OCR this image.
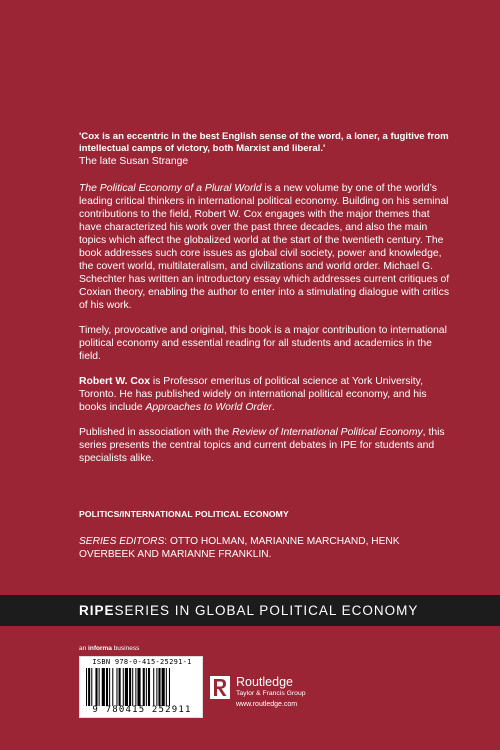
'Cox is an eccentric in the best English sense of the word, a loner, a fugitive from intellectual camps of victory, both Marxist and liberal.'
The late Susan Strange
The Political Economy of a Plural World is a new volume by one of the world’s leading critical thinkers in international political economy. Building on his seminal contributions to the field, Robert W. Cox engages with the major themes that have characterized his work over the past three decades, and also the main topics which affect the globalized world at the start of the twentieth century. The book addresses such core issues as global civil society, power and knowledge, the covert world, multilateralism, and civilizations and world order. Michael G. Schechter has written an introductory essay which addresses current critiques of Coxian theory, enabling the author to enter into a stimulating dialogue with critics of his work.
Timely, provocative and original, this book is a major contribution to international political economy and essential reading for all students and academics in the field.
Robert W. Cox is Professor emeritus of political science at York University, Toronto. He has published widely on international political economy, and his books include Approaches to World Order.
Published in association with the Review of International Political Economy, this series presents the central topics and current debates in IPE for students and specialists alike.
POLITICS/INTERNATIONAL POLITICAL ECONOMY
SERIES EDITORS: OTTO HOLMAN, MARIANNE MARCHAND, HENK OVERBEEK AND MARIANNE FRANKLIN.
RIPE SERIES IN GLOBAL POLITICAL ECONOMY
an informa business
ISBN 978-0-415-25291-1
9 780415 252911
Routledge
Taylor & Francis Group
www.routledge.com
